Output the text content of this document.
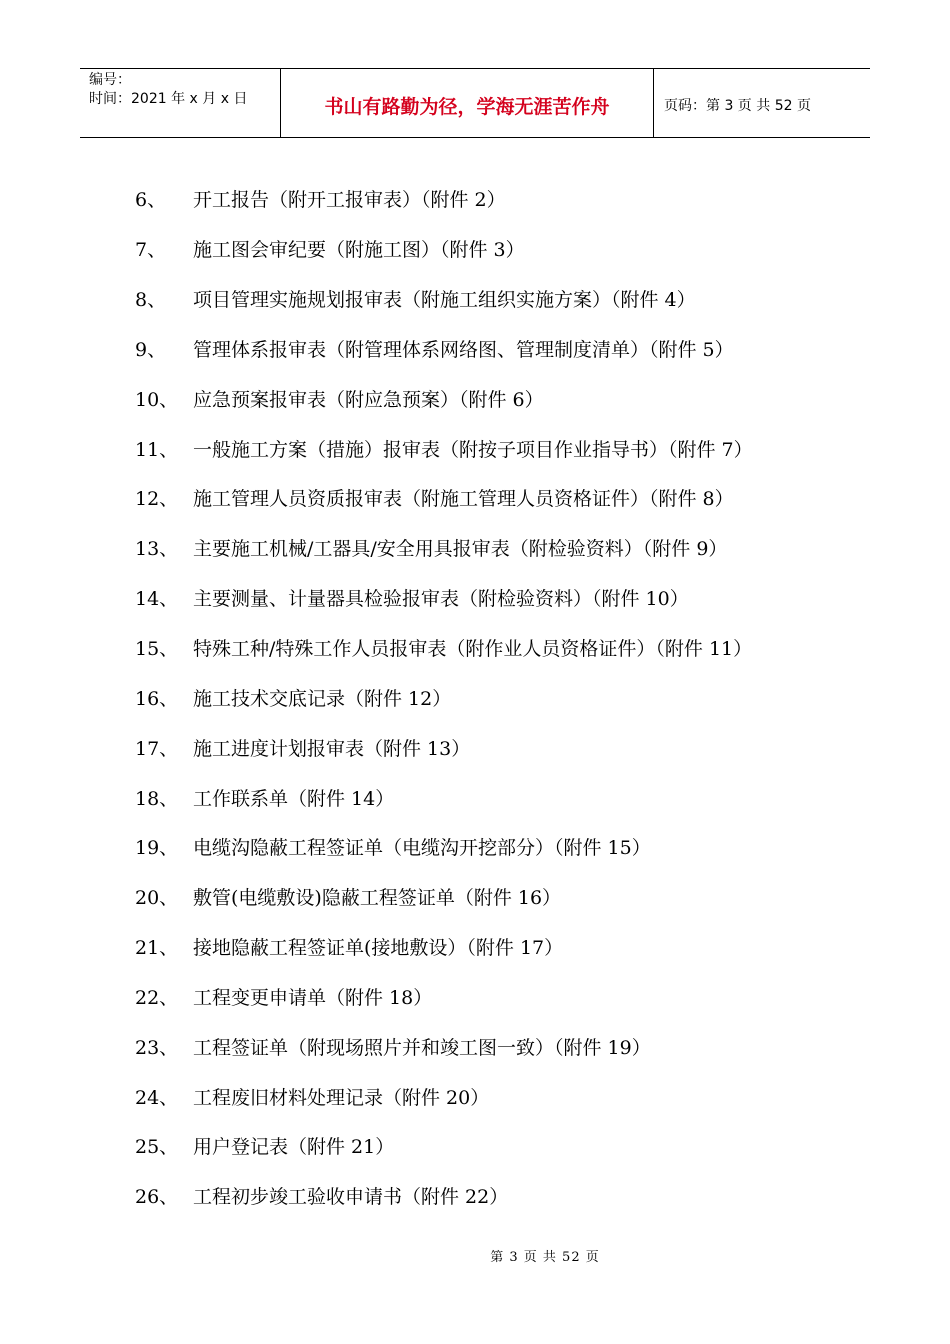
编号：
时间：2021 年 x 月 x 日	书山有路勤为径，学海无涯苦作舟	页码：第 3 页 共 52 页
6、	开工报告（附开工报审表）（附件 2）
7、	施工图会审纪要（附施工图）（附件 3）
8、	项目管理实施规划报审表（附施工组织实施方案）（附件 4）
9、	管理体系报审表（附管理体系网络图、管理制度清单）（附件 5）
10、 应急预案报审表（附应急预案）（附件 6）
11、 一般施工方案（措施）报审表（附按子项目作业指导书）（附件 7）
12、 施工管理人员资质报审表（附施工管理人员资格证件）（附件 8）
13、 主要施工机械/工器具/安全用具报审表（附检验资料）（附件 9）
14、 主要测量、计量器具检验报审表（附检验资料）（附件 10）
15、 特殊工种/特殊工作人员报审表（附作业人员资格证件）（附件 11）
16、 施工技术交底记录（附件 12）
17、 施工进度计划报审表（附件 13）
18、 工作联系单（附件 14）
19、 电缆沟隐蔽工程签证单（电缆沟开挖部分）（附件 15）
20、 敷管(电缆敷设)隐蔽工程签证单（附件 16）
21、 接地隐蔽工程签证单(接地敷设）（附件 17）
22、 工程变更申请单（附件 18）
23、 工程签证单（附现场照片并和竣工图一致）（附件 19）
24、 工程废旧材料处理记录（附件 20）
25、 用户登记表（附件 21）
26、 工程初步竣工验收申请书（附件 22）
第 3 页 共 52 页
